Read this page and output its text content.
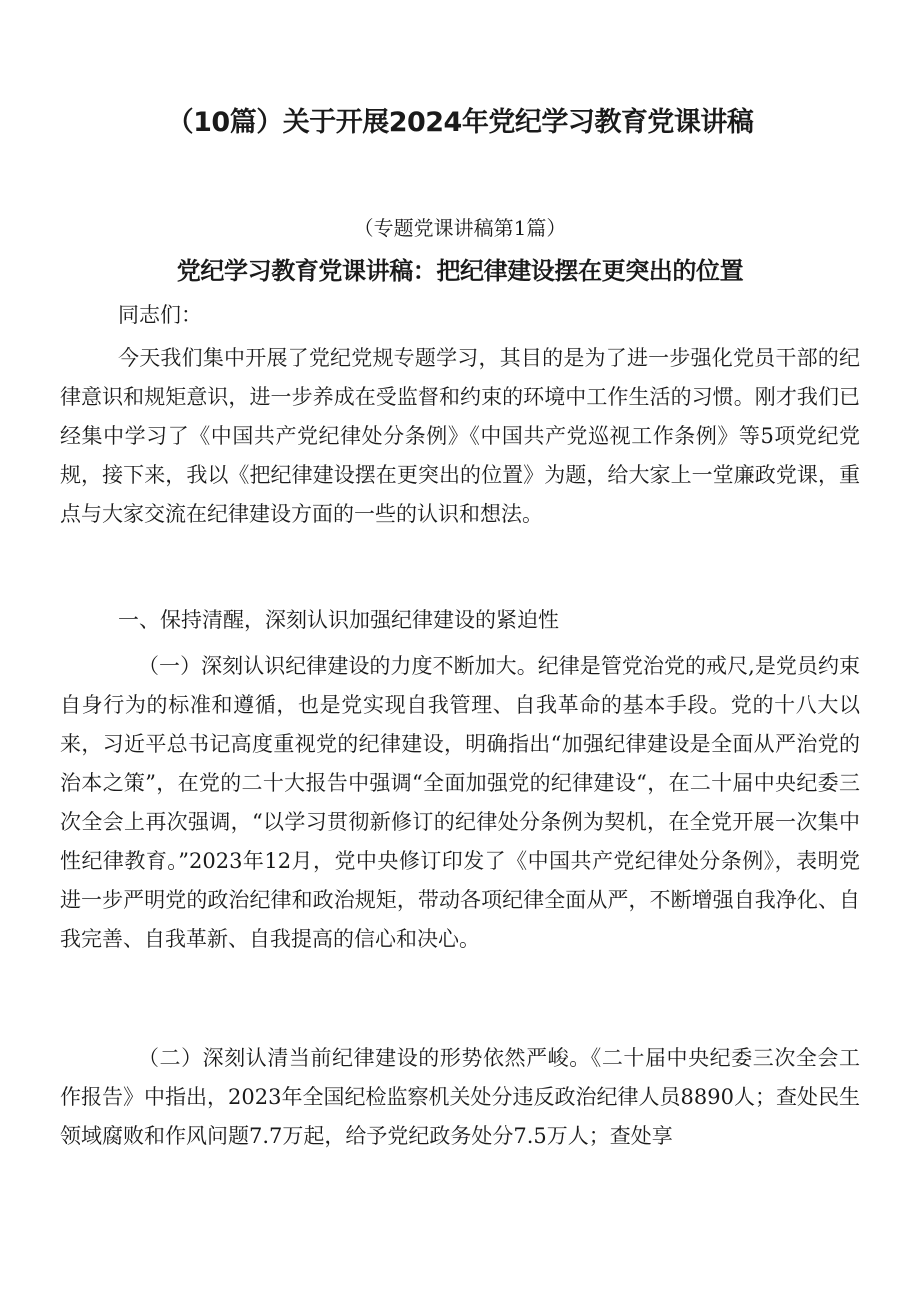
（10篇）关于开展2024年党纪学习教育党课讲稿

（专题党课讲稿第1篇）

党纪学习教育党课讲稿：把纪律建设摆在更突出的位置

同志们：

今天我们集中开展了党纪党规专题学习，其目的是为了进一步强化党员干部的纪律意识和规矩意识，进一步养成在受监督和约束的环境中工作生活的习惯。刚才我们已经集中学习了《中国共产党纪律处分条例》《中国共产党巡视工作条例》等5项党纪党规，接下来，我以《把纪律建设摆在更突出的位置》为题，给大家上一堂廉政党课，重点与大家交流在纪律建设方面的一些的认识和想法。

一、保持清醒，深刻认识加强纪律建设的紧迫性

（一）深刻认识纪律建设的力度不断加大。纪律是管党治党的戒尺,是党员约束自身行为的标准和遵循，也是党实现自我管理、自我革命的基本手段。党的十八大以来，习近平总书记高度重视党的纪律建设，明确指出“加强纪律建设是全面从严治党的治本之策”，在党的二十大报告中强调“全面加强党的纪律建设“，在二十届中央纪委三次全会上再次强调，“以学习贯彻新修订的纪律处分条例为契机，在全党开展一次集中性纪律教育。”2023年12月，党中央修订印发了《中国共产党纪律处分条例》，表明党进一步严明党的政治纪律和政治规矩，带动各项纪律全面从严，不断增强自我净化、自我完善、自我革新、自我提高的信心和决心。

（二）深刻认清当前纪律建设的形势依然严峻。《二十届中央纪委三次全会工作报告》中指出，2023年全国纪检监察机关处分违反政治纪律人员8890人；查处民生领域腐败和作风问题7.7万起，给予党纪政务处分7.5万人；查处享
